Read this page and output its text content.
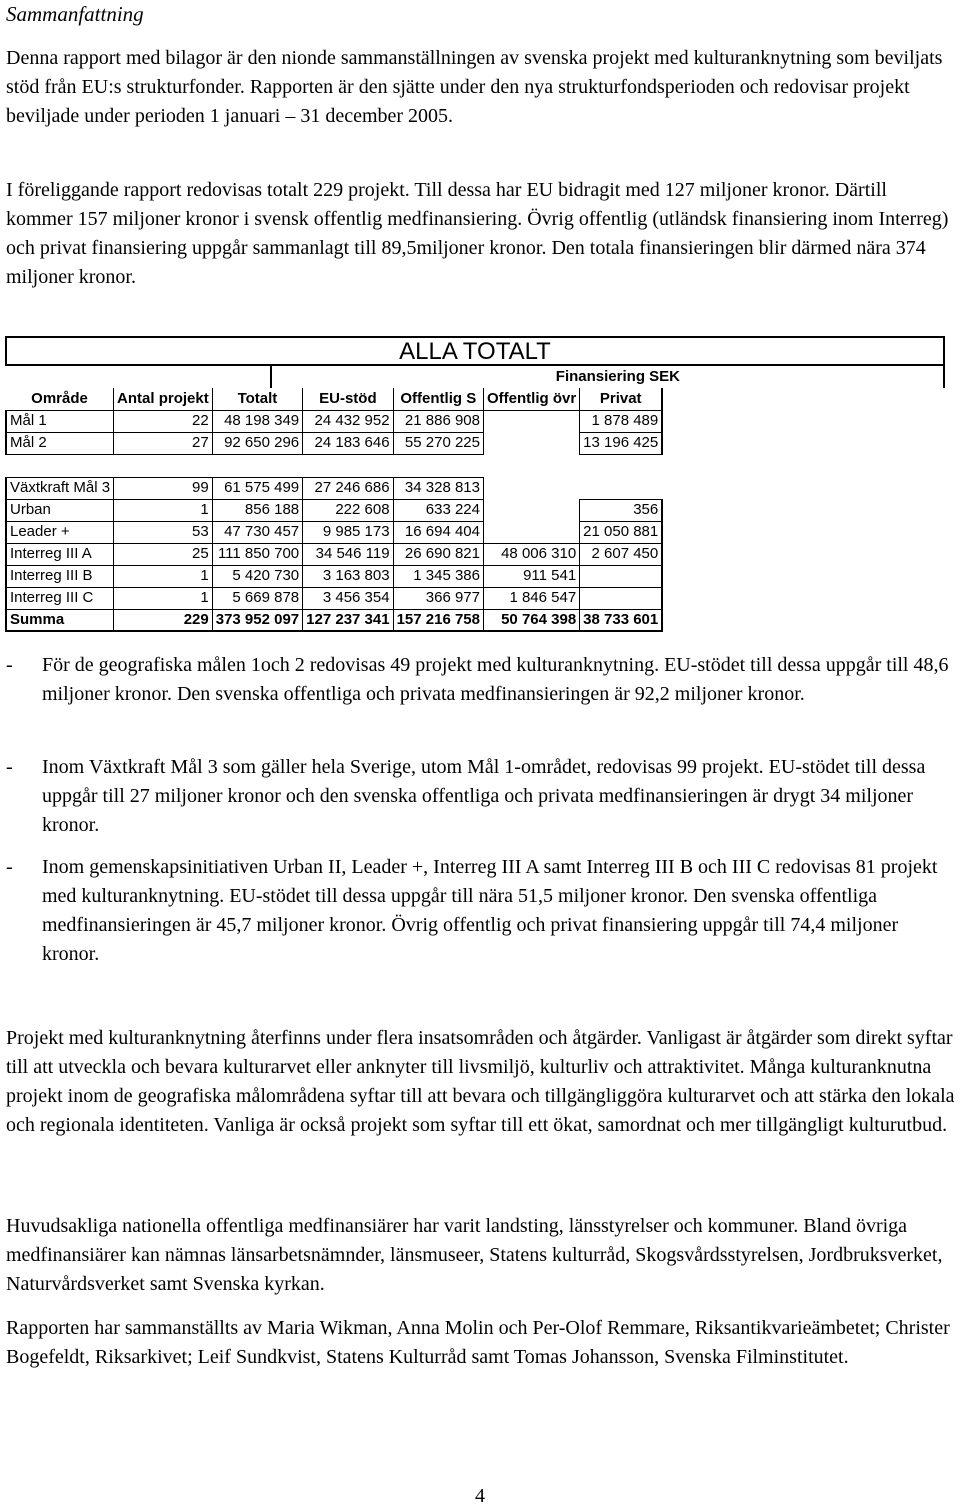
Sammanfattning

Denna rapport med bilagor är den nionde sammanställningen av svenska projekt med kulturanknytning som beviljats stöd från EU:s strukturfonder. Rapporten är den sjätte under den nya strukturfondsperioden och redovisar projekt beviljade under perioden 1 januari – 31 december 2005.

I föreliggande rapport redovisas totalt 229 projekt. Till dessa har EU bidragit med 127 miljoner kronor. Därtill kommer 157 miljoner kronor i svensk offentlig medfinansiering. Övrig offentlig (utländsk finansiering inom Interreg) och privat finansiering uppgår sammanlagt till 89,5miljoner kronor. Den totala finansieringen blir därmed nära 374 miljoner kronor.

ALLA TOTALT
Finansiering SEK
Område	Antal projekt	Totalt	EU-stöd	Offentlig S	Offentlig övr	Privat
Mål 1	22	48 198 349	24 432 952	21 886 908		1 878 489
Mål 2	27	92 650 296	24 183 646	55 270 225		13 196 425

Växtkraft Mål 3	99	61 575 499	27 246 686	34 328 813		
Urban	1	856 188	222 608	633 224		356
Leader +	53	47 730 457	9 985 173	16 694 404		21 050 881
Interreg III A	25	111 850 700	34 546 119	26 690 821	48 006 310	2 607 450
Interreg III B	1	5 420 730	3 163 803	1 345 386	911 541	
Interreg III C	1	5 669 878	3 456 354	366 977	1 846 547	
Summa	229	373 952 097	127 237 341	157 216 758	50 764 398	38 733 601
- För de geografiska målen 1och 2 redovisas 49 projekt med kulturanknytning. EU-stödet till dessa uppgår till 48,6 miljoner kronor. Den svenska offentliga och privata medfinansieringen är 92,2 miljoner kronor.
- Inom Växtkraft Mål 3 som gäller hela Sverige, utom Mål 1-området, redovisas 99 projekt. EU-stödet till dessa uppgår till 27 miljoner kronor och den svenska offentliga och privata medfinansieringen är drygt 34 miljoner kronor.
- Inom gemenskapsinitiativen Urban II, Leader +, Interreg III A samt Interreg III B och III C redovisas 81 projekt med kulturanknytning. EU-stödet till dessa uppgår till nära 51,5 miljoner kronor. Den svenska offentliga medfinansieringen är 45,7 miljoner kronor. Övrig offentlig och privat finansiering uppgår till 74,4 miljoner kronor.

Projekt med kulturanknytning återfinns under flera insatsområden och åtgärder. Vanligast är åtgärder som direkt syftar till att utveckla och bevara kulturarvet eller anknyter till livsmiljö, kulturliv och attraktivitet. Många kulturanknutna projekt inom de geografiska målområdena syftar till att bevara och tillgängliggöra kulturarvet och att stärka den lokala och regionala identiteten. Vanliga är också projekt som syftar till ett ökat, samordnat och mer tillgängligt kulturutbud.

Huvudsakliga nationella offentliga medfinansiärer har varit landsting, länsstyrelser och kommuner. Bland övriga medfinansiärer kan nämnas länsarbetsnämnder, länsmuseer, Statens kulturråd, Skogsvårdsstyrelsen, Jordbruksverket, Naturvårdsverket samt Svenska kyrkan.

Rapporten har sammanställts av Maria Wikman, Anna Molin och Per-Olof Remmare, Riksantikvarieämbetet; Christer Bogefeldt, Riksarkivet; Leif Sundkvist, Statens Kulturråd samt Tomas Johansson, Svenska Filminstitutet.

4
